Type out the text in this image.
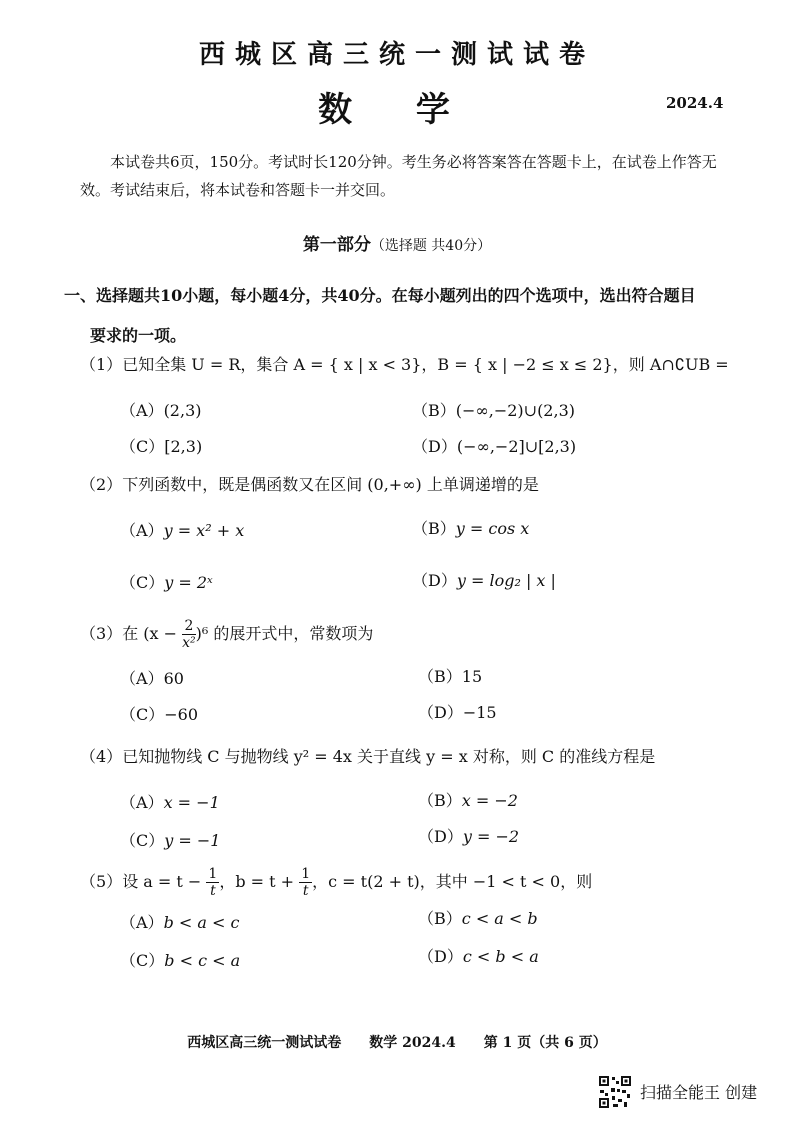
西城区高三统一测试试卷
数 学	2024.4
本试卷共6页，150分。考试时长120分钟。考生务必将答案答在答题卡上，在试卷上作答无效。考试结束后，将本试卷和答题卡一并交回。
第一部分（选择题 共40分）
一、选择题共10小题，每小题4分，共40分。在每小题列出的四个选项中，选出符合题目
要求的一项。
（1）已知全集 U = R，集合 A = { x | x < 3}，B = { x | −2 ≤ x ≤ 2}，则 A∩∁UB =
（A）(2,3)	（B）(−∞,−2)∪(2,3)
（C）[2,3)	（D）(−∞,−2]∪[2,3)
（2）下列函数中，既是偶函数又在区间 (0,+∞) 上单调递增的是
（A）y = x² + x	（B）y = cos x
（C）y = 2ˣ	（D）y = log₂ | x |
（3）在 $(x - \frac{2}{\text{x²}} )^6$ 的展开式中，常数项为
（A）60	（B）15
（C）−60	（D）−15
（4）已知抛物线 C 与抛物线 y² = 4x 关于直线 y = x 对称，则 C 的准线方程是
（A）x = −1	（B）x = −2
（C）y = −1	（D）y = −2
（5）设 $a = t - \frac{1}{t}$ ，$b = t + \frac{1}{t}$ ，c = t(2 + t)，其中 −1 < t < 0，则
（A）b < a < c	（B）c < a < b
（C）b < c < a	（D）c < b < a
西城区高三统一测试试卷　　数学 2024.4　　第 1 页（共 6 页）
扫描全能王 创建
